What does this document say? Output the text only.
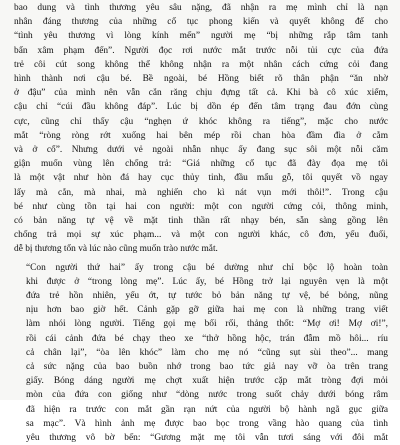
bao dung và tình thương yêu sâu nặng, đã nhận ra mẹ mình chỉ là nạn
nhân đáng thương của những cổ tục phong kiến và quyết không để cho
“tình yêu thương vì lòng kính mến” người mẹ “bị những rắp tâm tanh
bẩn xâm phạm đến”. Người đọc rơi nước mắt trước nỗi tủi cực của đứa
trẻ côi cút song không thể không nhận ra một nhân cách cứng cỏi đang
hình thành nơi cậu bé. Bề ngoài, bé Hồng biết rõ thân phận “ăn nhờ
ở đậu” của mình nên vẫn cắn răng chịu đựng tất cả. Khi bà cô xúc xiểm,
cậu chỉ “cúi đầu không đáp”. Lúc bị dồn ép đến tâm trạng đau đớn cùng
cực, cũng chỉ thấy cậu “nghẹn ứ khóc không ra tiếng”, mặc cho nước
mắt “ròng ròng rớt xuống hai bên mép rồi chan hòa đầm đìa ở cằm
và ở cổ”. Nhưng dưới vẻ ngoài nhẫn nhục ấy đang sục sôi một nỗi căm
giận muốn vùng lên chống trả: “Giá những cổ tục đã đày đọa mẹ tôi
là một vật như hòn đá hay cục thủy tinh, đầu mẩu gỗ, tôi quyết vồ ngay
lấy mà cắn, mà nhai, mà nghiến cho kì nát vụn mới thôi!”. Trong cậu
bé như cùng tồn tại hai con người: một con người cứng cỏi, thông minh,
có bản năng tự vệ về mặt tinh thần rất nhạy bén, sẵn sàng gồng lên
chống trả mọi sự xúc phạm... và một con người khác, cô đơn, yếu đuối,
dễ bị thương tổn và lúc nào cũng muốn trào nước mắt.

“Con người thứ hai” ấy trong cậu bé dường như chỉ bộc lộ hoàn toàn
khi được ở “trong lòng mẹ”. Lúc ấy, bé Hồng trở lại nguyên vẹn là một
đứa trẻ hồn nhiên, yếu ớt, tự tước bỏ bản năng tự vệ, bé bỏng, nũng
nịu hơn bao giờ hết. Cảnh gặp gỡ giữa hai mẹ con là những trang viết
làm nhói lòng người. Tiếng gọi mẹ bối rối, thảng thốt: “Mợ ơi! Mợ ơi!”,
rồi cái cảnh đứa bé chạy theo xe “thở hồng hộc, trán đẫm mồ hôi... ríu
cả chân lại”, “òa lên khóc” làm cho mẹ nó “cũng sụt sùi theo”... mang
cả sức nặng của bao buồn nhớ trong bao tức giả nay vỡ òa trên trang
giấy. Bóng dáng người mẹ chợt xuất hiện trước cặp mắt tròng đợi mỏi
mòn của đứa con giống như “dòng nước trong suốt chảy dưới bóng râm
đã hiện ra trước con mắt gần rạn nứt của người bộ hành ngã gục giữa
sa mạc”. Và hình ảnh mẹ được bao bọc trong vầng hào quang của tình
yêu thương vô bờ bến: “Gương mặt mẹ tôi vẫn tươi sáng với đôi mắt
